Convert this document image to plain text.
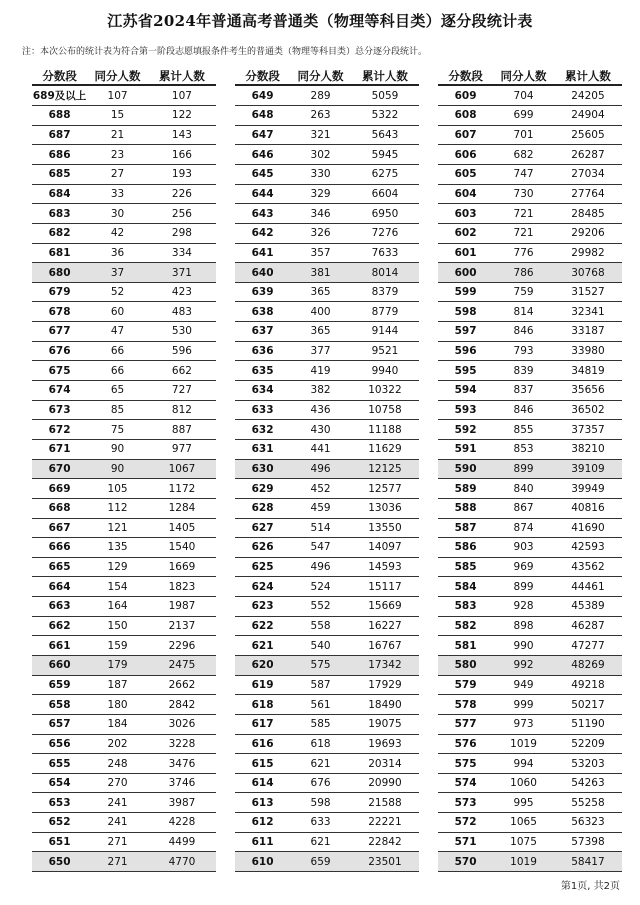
江苏省2024年普通高考普通类（物理等科目类）逐分段统计表
注：本次公布的统计表为符合第一阶段志愿填报条件考生的普通类（物理等科目类）总分逐分段统计。
分数段	同分人数	累计人数
689及以上	107	107
688	15	122
687	21	143
686	23	166
685	27	193
684	33	226
683	30	256
682	42	298
681	36	334
680	37	371
679	52	423
678	60	483
677	47	530
676	66	596
675	66	662
674	65	727
673	85	812
672	75	887
671	90	977
670	90	1067
669	105	1172
668	112	1284
667	121	1405
666	135	1540
665	129	1669
664	154	1823
663	164	1987
662	150	2137
661	159	2296
660	179	2475
659	187	2662
658	180	2842
657	184	3026
656	202	3228
655	248	3476
654	270	3746
653	241	3987
652	241	4228
651	271	4499
650	271	4770
分数段	同分人数	累计人数
649	289	5059
648	263	5322
647	321	5643
646	302	5945
645	330	6275
644	329	6604
643	346	6950
642	326	7276
641	357	7633
640	381	8014
639	365	8379
638	400	8779
637	365	9144
636	377	9521
635	419	9940
634	382	10322
633	436	10758
632	430	11188
631	441	11629
630	496	12125
629	452	12577
628	459	13036
627	514	13550
626	547	14097
625	496	14593
624	524	15117
623	552	15669
622	558	16227
621	540	16767
620	575	17342
619	587	17929
618	561	18490
617	585	19075
616	618	19693
615	621	20314
614	676	20990
613	598	21588
612	633	22221
611	621	22842
610	659	23501
分数段	同分人数	累计人数
609	704	24205
608	699	24904
607	701	25605
606	682	26287
605	747	27034
604	730	27764
603	721	28485
602	721	29206
601	776	29982
600	786	30768
599	759	31527
598	814	32341
597	846	33187
596	793	33980
595	839	34819
594	837	35656
593	846	36502
592	855	37357
591	853	38210
590	899	39109
589	840	39949
588	867	40816
587	874	41690
586	903	42593
585	969	43562
584	899	44461
583	928	45389
582	898	46287
581	990	47277
580	992	48269
579	949	49218
578	999	50217
577	973	51190
576	1019	52209
575	994	53203
574	1060	54263
573	995	55258
572	1065	56323
571	1075	57398
570	1019	58417
第1页, 共2页
